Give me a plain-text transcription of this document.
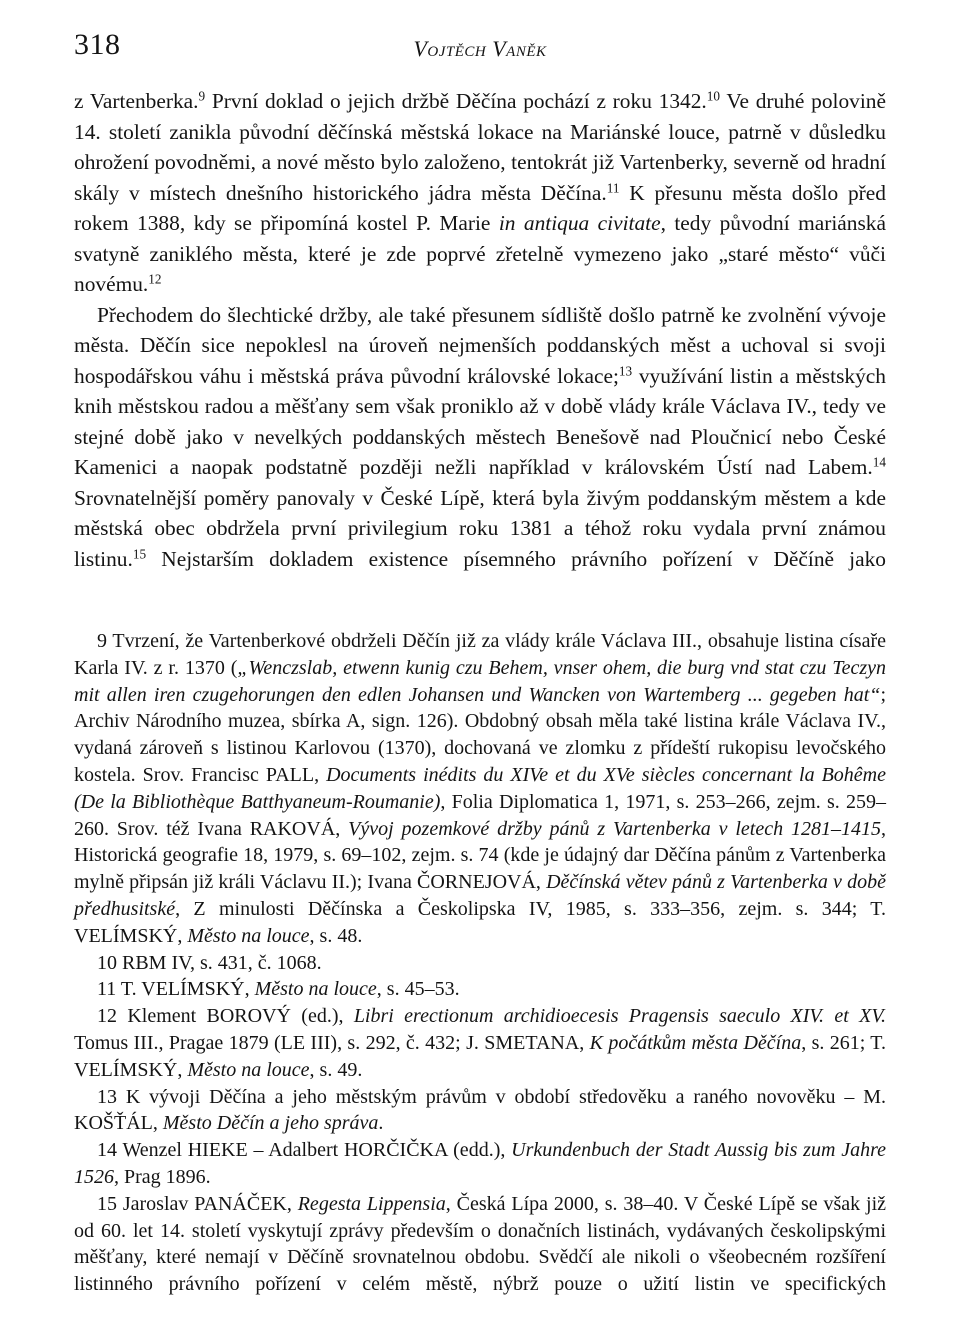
318	Vojtěch Vaněk

z Vartenberka.$^9$ První doklad o jejich držbě Děčína pochází z roku 1342.10 Ve druhé polovině 14. století zanikla původní děčínská městská lokace na Mariánské louce, patrně v důsledku ohrožení povodněmi, a nové město bylo založeno, tentokrát již Vartenberky, severně od hradní skály v místech dnešního historického jádra města Děčína.$^{11}$ K přesunu města došlo před rokem 1388, kdy se připomíná kostel P. Marie in antiqua civitate, tedy původní mariánská svatyně zaniklého města, které je zde poprvé zřetelně vymezeno jako „staré město“ vůči novému.$^{12}$

Přechodem do šlechtické držby, ale také přesunem sídliště došlo patrně ke zvolnění vývoje města. Děčín sice nepoklesl na úroveň nejmenších poddanských měst a uchoval si svoji hospodářskou váhu i městská práva původní královské lokace;$^{13}$ využívání listin a městských knih městskou radou a měšťany sem však proniklo až v době vlády krále Václava IV., tedy ve stejné době jako v nevelkých poddanských městech Benešově nad Ploučnicí nebo České Kamenici a naopak podstatně později nežli například v královském Ústí nad Labem.$^{14}$ Srovnatelnější poměry panovaly v České Lípě, která byla živým poddanským městem a kde městská obec obdržela první privilegium roku 1381 a téhož roku vydala první známou listinu.$^{15}$ Nejstarším dokladem existence písemného právního pořízení v Děčíně jako

9 Tvrzení, že Vartenberkové obdrželi Děčín již za vlády krále Václava III., obsahuje listina císaře Karla IV. z r. 1370 („Wenczslab, etwenn kunig czu Behem, vnser ohem, die burg vnd stat czu Teczyn mit allen iren czugehorungen den edlen Johansen und Wancken von Wartemberg ... gegeben hat“; Archiv Národního muzea, sbírka A, sign. 126). Obdobný obsah měla také listina krále Václava IV., vydaná zároveň s listinou Karlovou (1370), dochovaná ve zlomku z přídeští rukopisu levočského kostela. Srov. Francisc PALL, Documents inédits du XIVe et du XVe siècles concernant la Bohême (De la Bibliothèque Batthyaneum-Roumanie), Folia Diplomatica 1, 1971, s. 253–266, zejm. s. 259–260. Srov. též Ivana RAKOVÁ, Vývoj pozemkové držby pánů z Vartenberka v letech 1281–1415, Historická geografie 18, 1979, s. 69–102, zejm. s. 74 (kde je údajný dar Děčína pánům z Vartenberka mylně připsán již králi Václavu II.); Ivana ČORNEJOVÁ, Děčínská větev pánů z Vartenberka v době předhusitské, Z minulosti Děčínska a Českolipska IV, 1985, s. 333–356, zejm. s. 344; T. VELÍMSKÝ, Město na louce, s. 48.

10 RBM IV, s. 431, č. 1068.

11 T. VELÍMSKÝ, Město na louce, s. 45–53.

12 Klement BOROVÝ (ed.), Libri erectionum archidioecesis Pragensis saeculo XIV. et XV. Tomus III., Pragae 1879 (LE III), s. 292, č. 432; J. SMETANA, K počátkům města Děčína, s. 261; T. VELÍMSKÝ, Město na louce, s. 49.

13 K vývoji Děčína a jeho městským právům v období středověku a raného novověku – M. KOŠŤÁL, Město Děčín a jeho správa.

14 Wenzel HIEKE – Adalbert HORČIČKA (edd.), Urkundenbuch der Stadt Aussig bis zum Jahre 1526, Prag 1896.

15 Jaroslav PANÁČEK, Regesta Lippensia, Česká Lípa 2000, s. 38–40. V České Lípě se však již od 60. let 14. století vyskytují zprávy především o donačních listinách, vydávaných českolipskými měšťany, které nemají v Děčíně srovnatelnou obdobu. Svědčí ale nikoli o všeobecném rozšíření listinného právního pořízení v celém městě, nýbrž pouze o užití listin ve specifických
